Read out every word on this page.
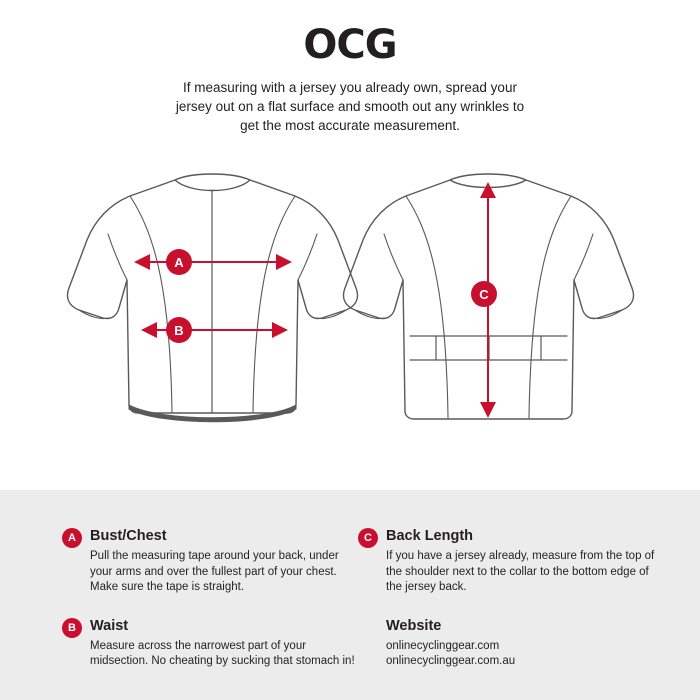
OCG
If measuring with a jersey you already own, spread your jersey out on a flat surface and smooth out any wrinkles to get the most accurate measurement.
A
B
C
A Bust/Chest

Pull the measuring tape around your back, under your arms and over the fullest part of your chest. Make sure the tape is straight.

B Waist

Measure across the narrowest part of your midsection. No cheating by sucking that stomach in!

C Back Length

If you have a jersey already, measure from the top of the shoulder next to the collar to the bottom edge of the jersey back.

Website

onlinecyclinggear.com

onlinecyclinggear.com.au
